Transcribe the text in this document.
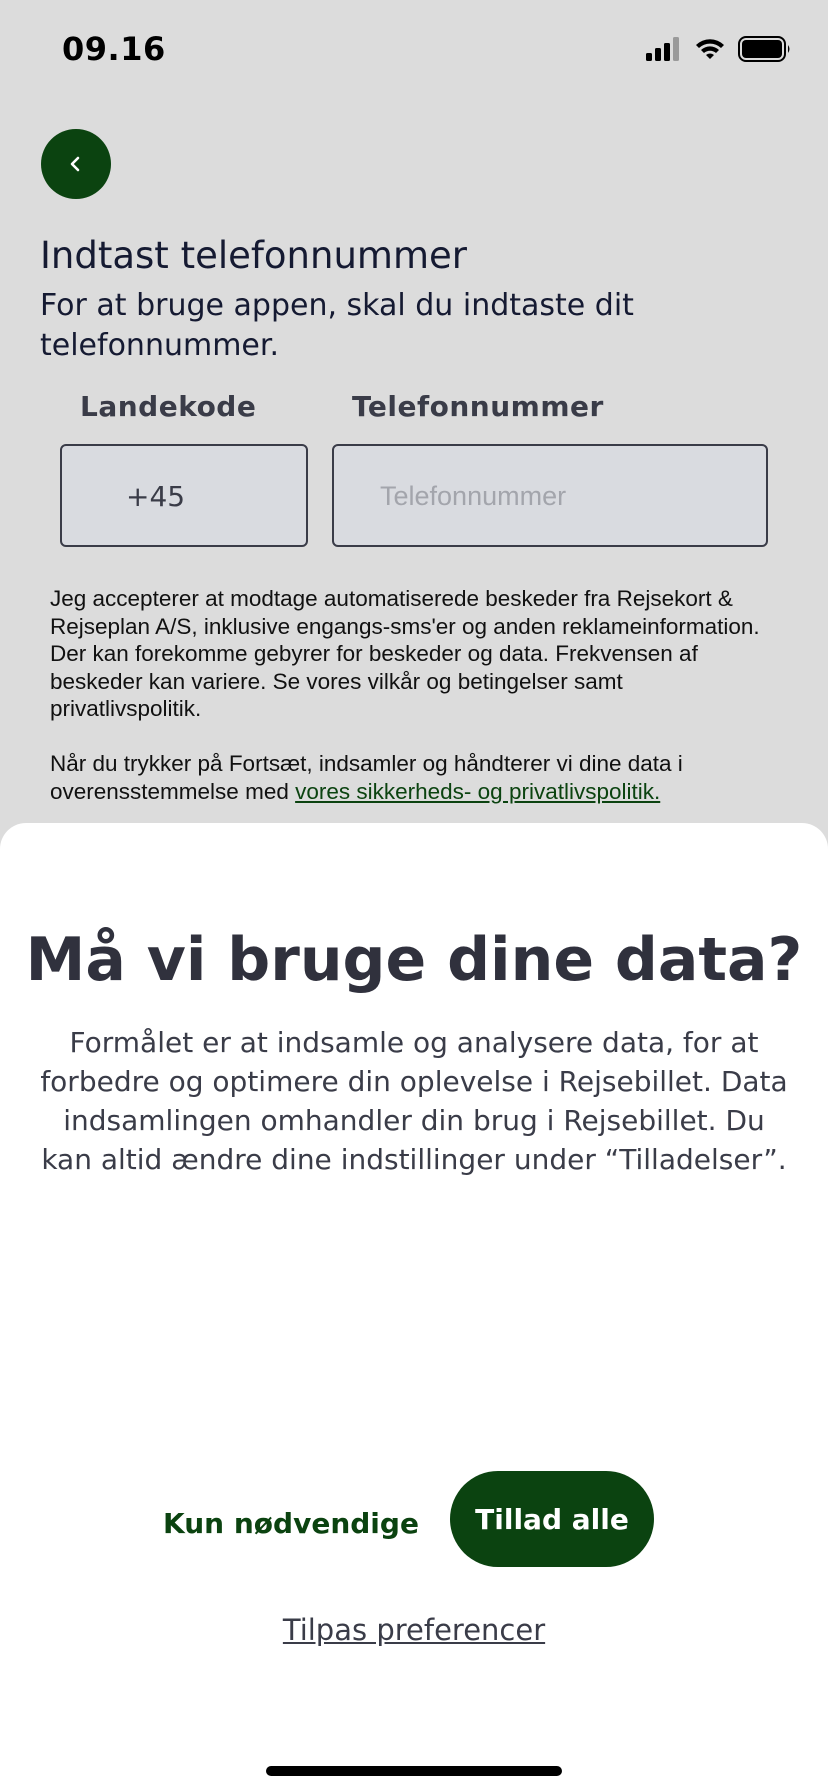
09.16
Indtast telefonnummer
For at bruge appen, skal du indtaste dit telefonnummer.
Landekode	Telefonnummer
+45
Telefonnummer

Jeg accepterer at modtage automatiserede beskeder fra Rejsekort & Rejseplan A/S, inklusive engangs-sms'er og anden reklameinformation. Der kan forekomme gebyrer for beskeder og data. Frekvensen af beskeder kan variere. Se vores vilkår og betingelser samt privatlivspolitik.

Når du trykker på Fortsæt, indsamler og håndterer vi dine data i overensstemmelse med vores sikkerheds- og privatlivspolitik.

Må vi bruge dine data?
Formålet er at indsamle og analysere data, for at forbedre og optimere din oplevelse i Rejsebillet. Data indsamlingen omhandler din brug i Rejsebillet. Du kan altid ændre dine indstillinger under “Tilladelser”.
Kun nødvendige	Tillad alle
Tilpas preferencer
